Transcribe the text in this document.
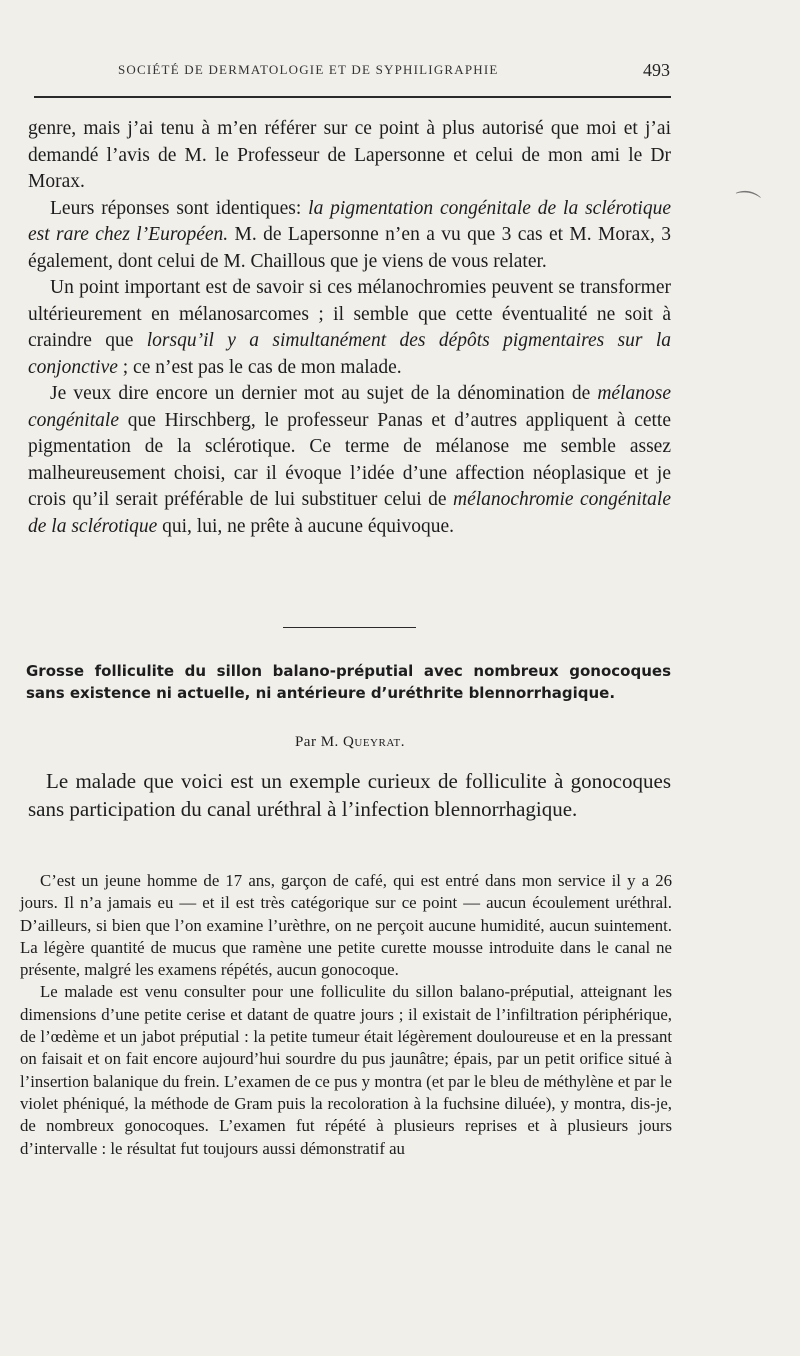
SOCIÉTÉ DE DERMATOLOGIE ET DE SYPHILIGRAPHIE	493
⌒

genre, mais j’ai tenu à m’en référer sur ce point à plus autorisé que moi et j’ai demandé l’avis de M. le Professeur de Lapersonne et celui de mon ami le Dr Morax.

Leurs réponses sont identiques: la pigmentation congénitale de la sclérotique est rare chez l’Européen. M. de Lapersonne n’en a vu que 3 cas et M. Morax, 3 également, dont celui de M. Chaillous que je viens de vous relater.

Un point important est de savoir si ces mélanochromies peuvent se transformer ultérieurement en mélanosarcomes ; il semble que cette éventualité ne soit à craindre que lorsqu’il y a simultanément des dépôts pigmentaires sur la conjonctive ; ce n’est pas le cas de mon malade.

Je veux dire encore un dernier mot au sujet de la dénomination de mélanose congénitale que Hirschberg, le professeur Panas et d’autres appliquent à cette pigmentation de la sclérotique. Ce terme de mélanose me semble assez malheureusement choisi, car il évoque l’idée d’une affection néoplasique et je crois qu’il serait préférable de lui substituer celui de mélanochromie congénitale de la sclérotique qui, lui, ne prête à aucune équivoque.

Grosse folliculite du sillon balano-préputial avec nombreux gonocoques sans existence ni actuelle, ni antérieure d’uréthrite blennorrhagique.
Par M. Queyrat.

Le malade que voici est un exemple curieux de folliculite à gonocoques sans participation du canal uréthral à l’infection blennorrhagique.

C’est un jeune homme de 17 ans, garçon de café, qui est entré dans mon service il y a 26 jours. Il n’a jamais eu — et il est très catégorique sur ce point — aucun écoulement uréthral. D’ailleurs, si bien que l’on examine l’urèthre, on ne perçoit aucune humidité, aucun suintement. La légère quantité de mucus que ramène une petite curette mousse introduite dans le canal ne présente, malgré les examens répétés, aucun gonocoque.

Le malade est venu consulter pour une folliculite du sillon balano-préputial, atteignant les dimensions d’une petite cerise et datant de quatre jours ; il existait de l’infiltration périphérique, de l’œdème et un jabot préputial : la petite tumeur était légèrement douloureuse et en la pressant on faisait et on fait encore aujourd’hui sourdre du pus jaunâtre; épais, par un petit orifice situé à l’insertion balanique du frein. L’examen de ce pus y montra (et par le bleu de méthylène et par le violet phéniqué, la méthode de Gram puis la recoloration à la fuchsine diluée), y montra, dis-je, de nombreux gonocoques. L’examen fut répété à plusieurs reprises et à plusieurs jours d’intervalle : le résultat fut toujours aussi démonstratif au
